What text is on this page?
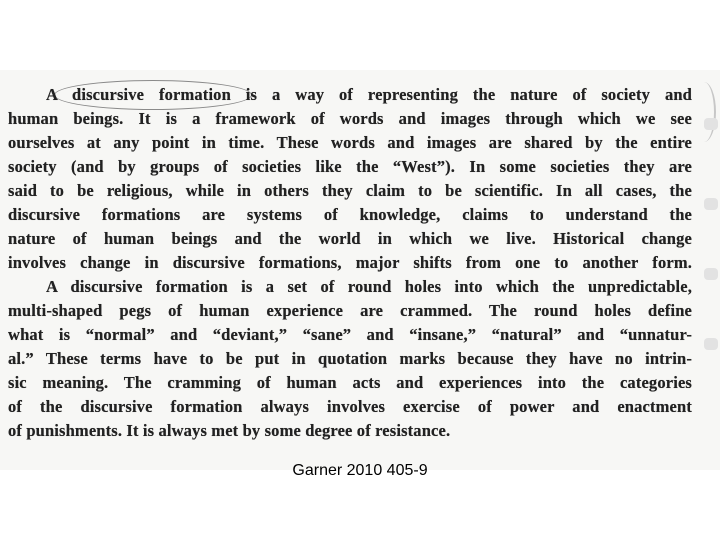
A discursive formation is a way of representing the nature of society and
human beings. It is a framework of words and images through which we see
ourselves at any point in time. These words and images are shared by the entire
society (and by groups of societies like the “West”). In some societies they are
said to be religious, while in others they claim to be scientific. In all cases, the
discursive formations are systems of knowledge, claims to understand the
nature of human beings and the world in which we live. Historical change
involves change in discursive formations, major shifts from one to another form.
A discursive formation is a set of round holes into which the unpredictable,
multi-shaped pegs of human experience are crammed. The round holes define
what is “normal” and “deviant,” “sane” and “insane,” “natural” and “unnatur-
al.” These terms have to be put in quotation marks because they have no intrin-
sic meaning. The cramming of human acts and experiences into the categories
of the discursive formation always involves exercise of power and enactment
of punishments. It is always met by some degree of resistance.
Garner 2010 405-9
